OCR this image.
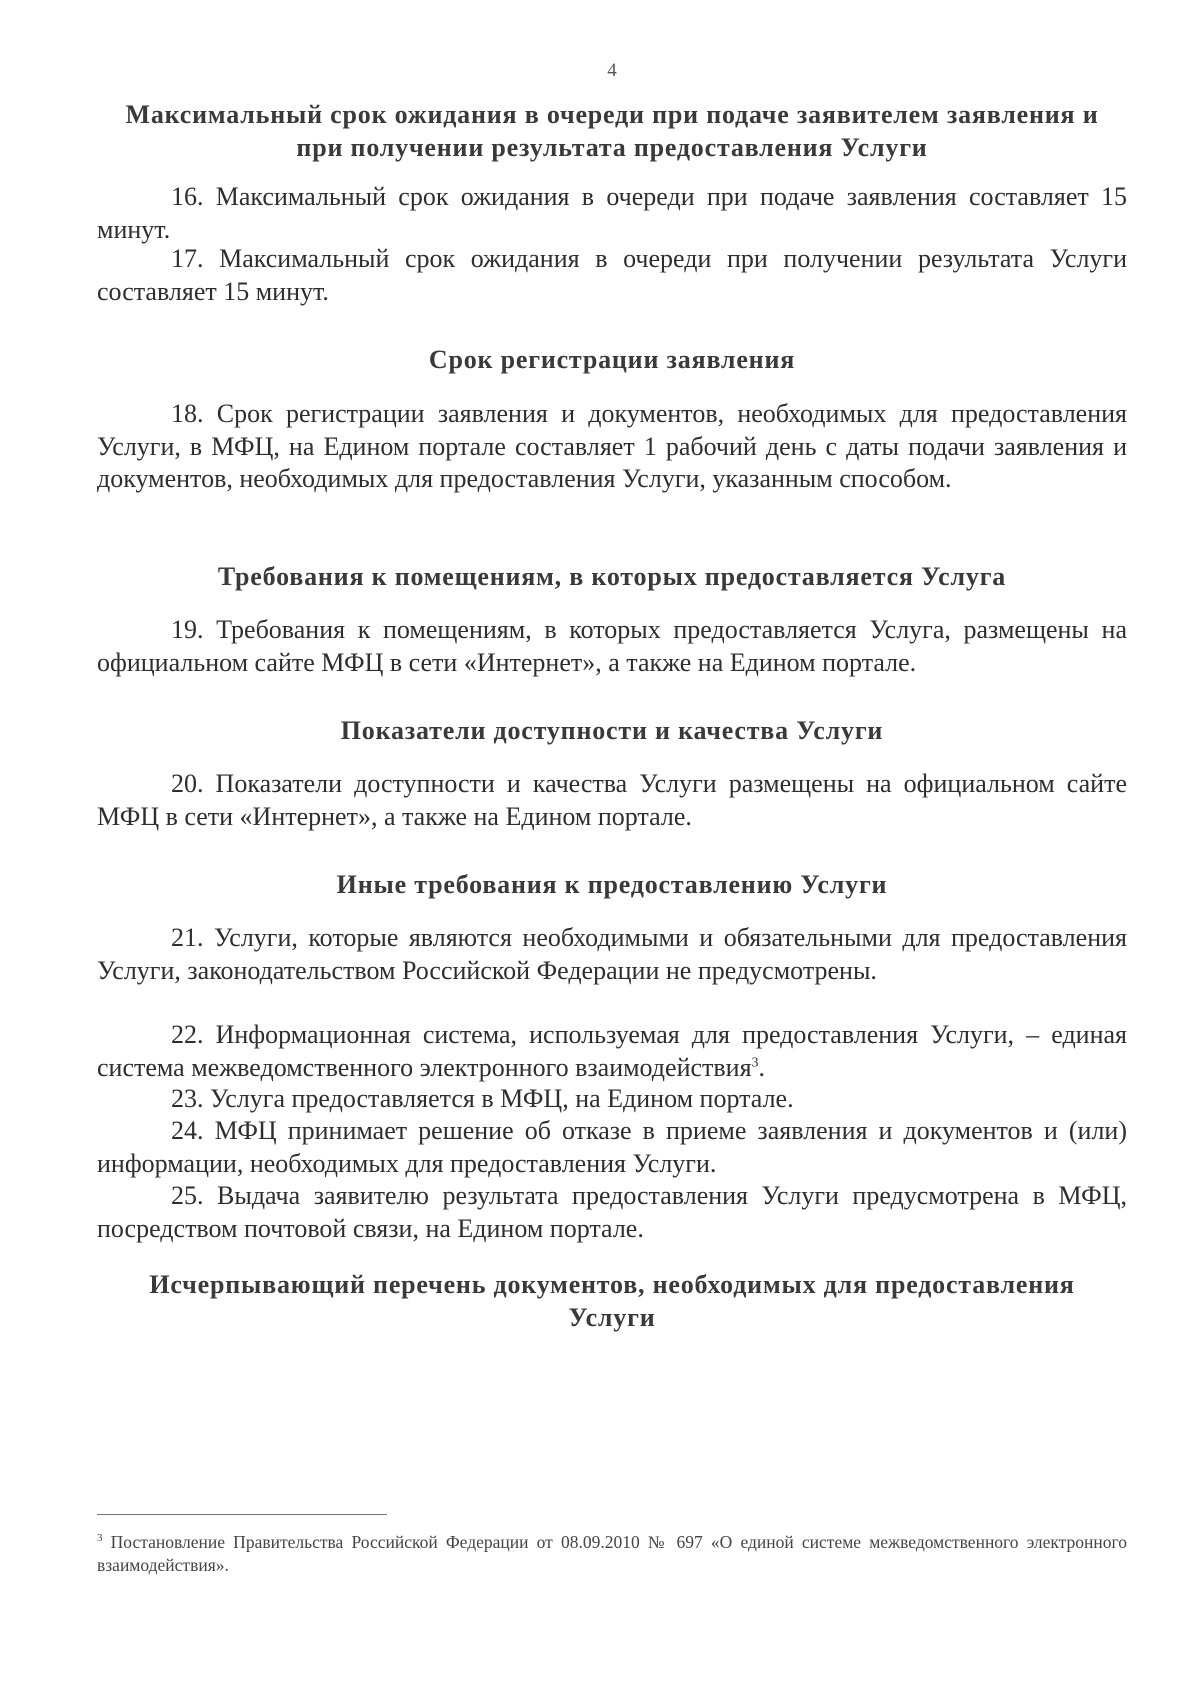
4
Максимальный срок ожидания в очереди при подаче заявителем заявления и
при получении результата предоставления Услуги

16. Максимальный срок ожидания в очереди при подаче заявления составляет 15 минут.

17. Максимальный срок ожидания в очереди при получении результата Услуги составляет 15 минут.

Срок регистрации заявления

18. Срок регистрации заявления и документов, необходимых для предоставления Услуги, в МФЦ, на Едином портале составляет 1 рабочий день с даты подачи заявления и документов, необходимых для предоставления Услуги, указанным способом.

Требования к помещениям, в которых предоставляется Услуга

19. Требования к помещениям, в которых предоставляется Услуга, размещены на официальном сайте МФЦ в сети «Интернет», а также на Едином портале.

Показатели доступности и качества Услуги

20. Показатели доступности и качества Услуги размещены на официальном сайте МФЦ в сети «Интернет», а также на Едином портале.

Иные требования к предоставлению Услуги

21. Услуги, которые являются необходимыми и обязательными для предоставления Услуги, законодательством Российской Федерации не предусмотрены.

22. Информационная система, используемая для предоставления Услуги, – единая система межведомственного электронного взаимодействия$^3$.

23. Услуга предоставляется в МФЦ, на Едином портале.

24. МФЦ принимает решение об отказе в приеме заявления и документов и (или) информации, необходимых для предоставления Услуги.

25. Выдача заявителю результата предоставления Услуги предусмотрена в МФЦ, посредством почтовой связи, на Едином портале.

Исчерпывающий перечень документов, необходимых для предоставления
Услуги

$^3$ Постановление Правительства Российской Федерации от 08.09.2010 № 697 «О единой системе межведомственного электронного взаимодействия».
